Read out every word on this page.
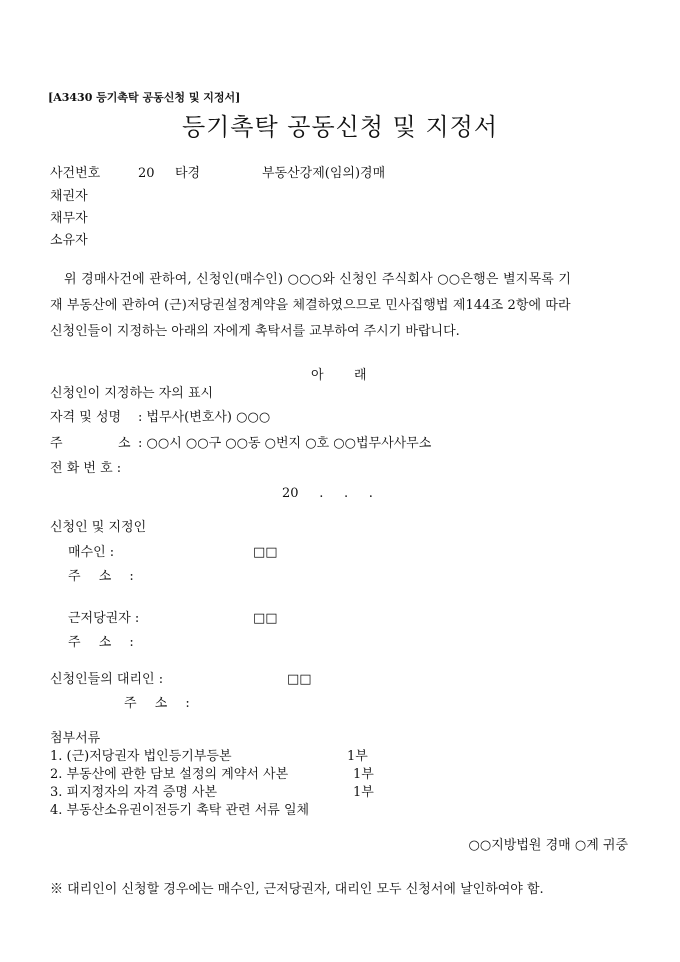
[A3430 등기촉탁 공동신청 및 지정서]
등기촉탁 공동신청 및 지정서
사건번호	20 타경	부동산강제(임의)경매
채권자
채무자
소유자
위 경매사건에 관하여, 신청인(매수인) ○○○와 신청인 주식회사 ○○은행은 별지목록 기
재 부동산에 관하여 (근)저당권설정계약을 체결하였으므로 민사집행법 제144조 2항에 따라
신청인들이 지정하는 아래의 자에게 촉탁서를 교부하여 주시기 바랍니다.
아 래
신청인이 지정하는 자의 표시
자격 및 성명 : 법무사(변호사) ○○○
주	소 : ○○시 ○○구 ○○동 ○번지 ○호 ○○법무사사무소
전 화 번 호 :
20     .     .     .
신청인 및 지정인
매수인 :	□□
주 소 :
근저당권자 :	□□
주 소 :
신청인들의 대리인 :	□□
주 소 :
첨부서류
1. (근)저당권자 법인등기부등본	1부
2. 부동산에 관한 담보 설정의 계약서 사본	1부
3. 피지정자의 자격 증명 사본	1부
4. 부동산소유권이전등기 촉탁 관련 서류 일체
○○지방법원 경매 ○계 귀중
※ 대리인이 신청할 경우에는 매수인, 근저당권자, 대리인 모두 신청서에 날인하여야 함.
